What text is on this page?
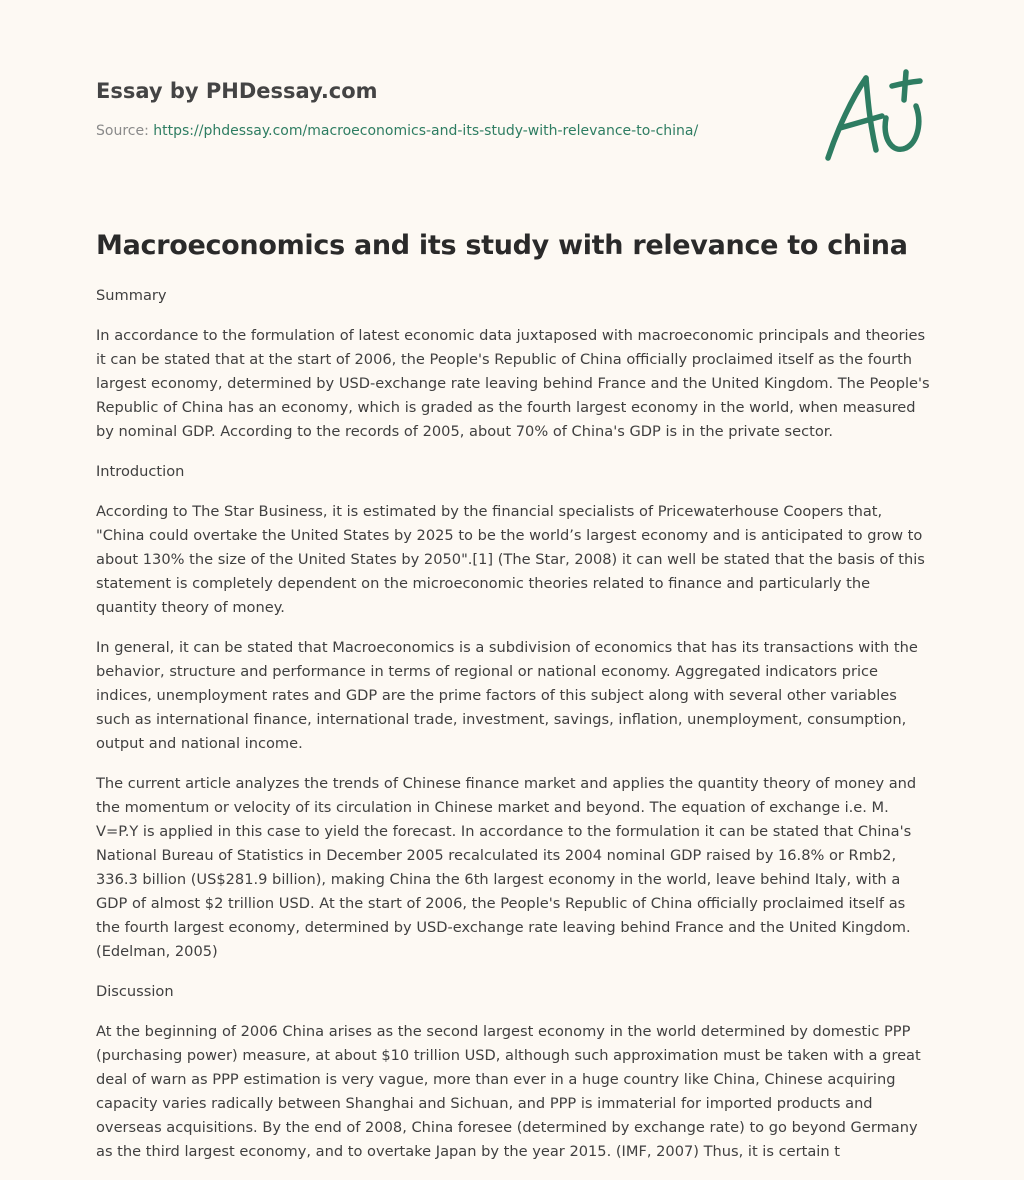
Essay by PHDessay.com
Source: https://phdessay.com/macroeconomics-and-its-study-with-relevance-to-china/
Macroeconomics and its study with relevance to china

Summary

In accordance to the formulation of latest economic data juxtaposed with macroeconomic principals and theories it can be stated that at the start of 2006, the People's Republic of China officially proclaimed itself as the fourth largest economy, determined by USD-exchange rate leaving behind France and the United Kingdom. The People's Republic of China has an economy, which is graded as the fourth largest economy in the world, when measured by nominal GDP. According to the records of 2005, about 70% of China's GDP is in the private sector.

Introduction

According to The Star Business, it is estimated by the financial specialists of Pricewaterhouse Coopers that, "China could overtake the United States by 2025 to be the world’s largest economy and is anticipated to grow to about 130% the size of the United States by 2050".[1] (The Star, 2008) it can well be stated that the basis of this statement is completely dependent on the microeconomic theories related to finance and particularly the quantity theory of money.

In general, it can be stated that Macroeconomics is a subdivision of economics that has its transactions with the behavior, structure and performance in terms of regional or national economy. Aggregated indicators price indices, unemployment rates and GDP are the prime factors of this subject along with several other variables such as international finance, international trade, investment, savings, inflation, unemployment, consumption, output and national income.

The current article analyzes the trends of Chinese finance market and applies the quantity theory of money and the momentum or velocity of its circulation in Chinese market and beyond. The equation of exchange i.e. M. V=P.Y is applied in this case to yield the forecast. In accordance to the formulation it can be stated that China's National Bureau of Statistics in December 2005 recalculated its 2004 nominal GDP raised by 16.8% or Rmb2, 336.3 billion (US$281.9 billion), making China the 6th largest economy in the world, leave behind Italy, with a GDP of almost $2 trillion USD. At the start of 2006, the People's Republic of China officially proclaimed itself as the fourth largest economy, determined by USD-exchange rate leaving behind France and the United Kingdom. (Edelman, 2005)

Discussion

At the beginning of 2006 China arises as the second largest economy in the world determined by domestic PPP (purchasing power) measure, at about $10 trillion USD, although such approximation must be taken with a great deal of warn as PPP estimation is very vague, more than ever in a huge country like China, Chinese acquiring capacity varies radically between Shanghai and Sichuan, and PPP is immaterial for imported products and overseas acquisitions. By the end of 2008, China foresee (determined by exchange rate) to go beyond Germany as the third largest economy, and to overtake Japan by the year 2015. (IMF, 2007) Thus, it is certain t
